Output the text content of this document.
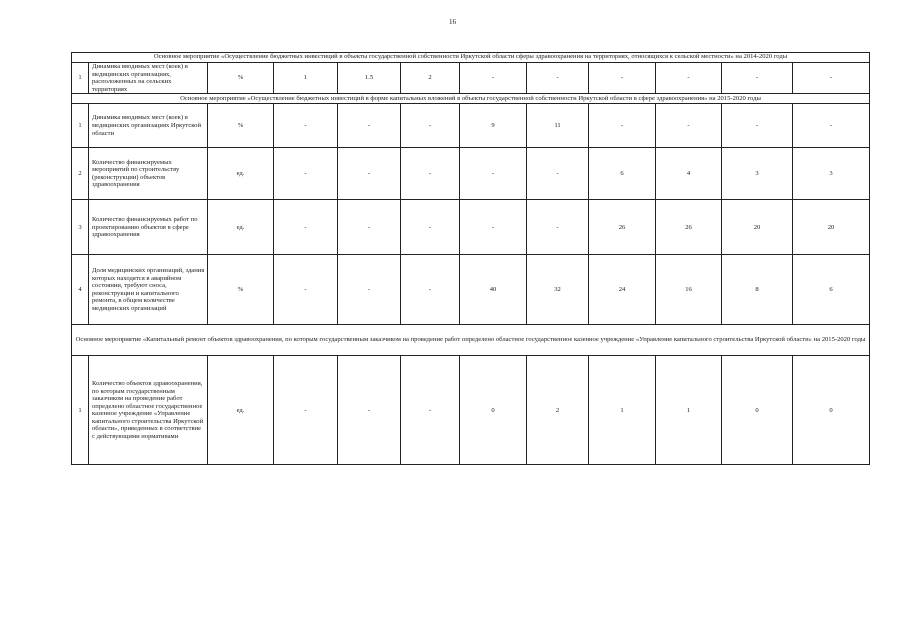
16
Основное мероприятие «Осуществление бюджетных инвестиций в объекты государственной собственности Иркутской области сферы здравоохранения на территориях, относящихся к сельской местности» на 2014-2020 годы											
1	Динамика вводимых мест (коек) в медицинских организациях, расположенных на сельских территориях	%	1	1.5	2	-	-	-	-	-	-
Основное мероприятие «Осуществление бюджетных инвестиций в форме капитальных вложений в объекты государственной собственности Иркутской области в сфере здравоохранения» на 2015-2020 годы											
1	Динамика вводимых мест (коек) в медицинских организациях Иркутской области	%	-	-	-	9	11	-	-	-	-
2	Количество финансируемых мероприятий по строительству (реконструкции) объектов здравоохранения	ед.	-	-	-	-	-	6	4	3	3
3	Количество финансируемых работ по проектированию объектов в сфере здравоохранения	ед.	-	-	-	-	-	26	26	20	20
4	Доля медицинских организаций, здания которых находятся в аварийном состоянии, требуют сноса, реконструкции и капитального ремонта, в общем количестве медицинских организаций	%	-	-	-	40	32	24	16	8	6
Основное мероприятие «Капитальный ремонт объектов здравоохранения, по которым государственным заказчиком на проведение работ определено областное государственное казенное учреждение «Управление капитального строительства Иркутской области» на 2015-2020 годы											
1	Количество объектов здравоохранения, по которым государственным заказчиком на проведение работ определено областное государственное казенное учреждение «Управление капитального строительства Иркутской области», приведенных в соответствие с действующими нормативами	ед.	-	-	-	0	2	1	1	0	0
